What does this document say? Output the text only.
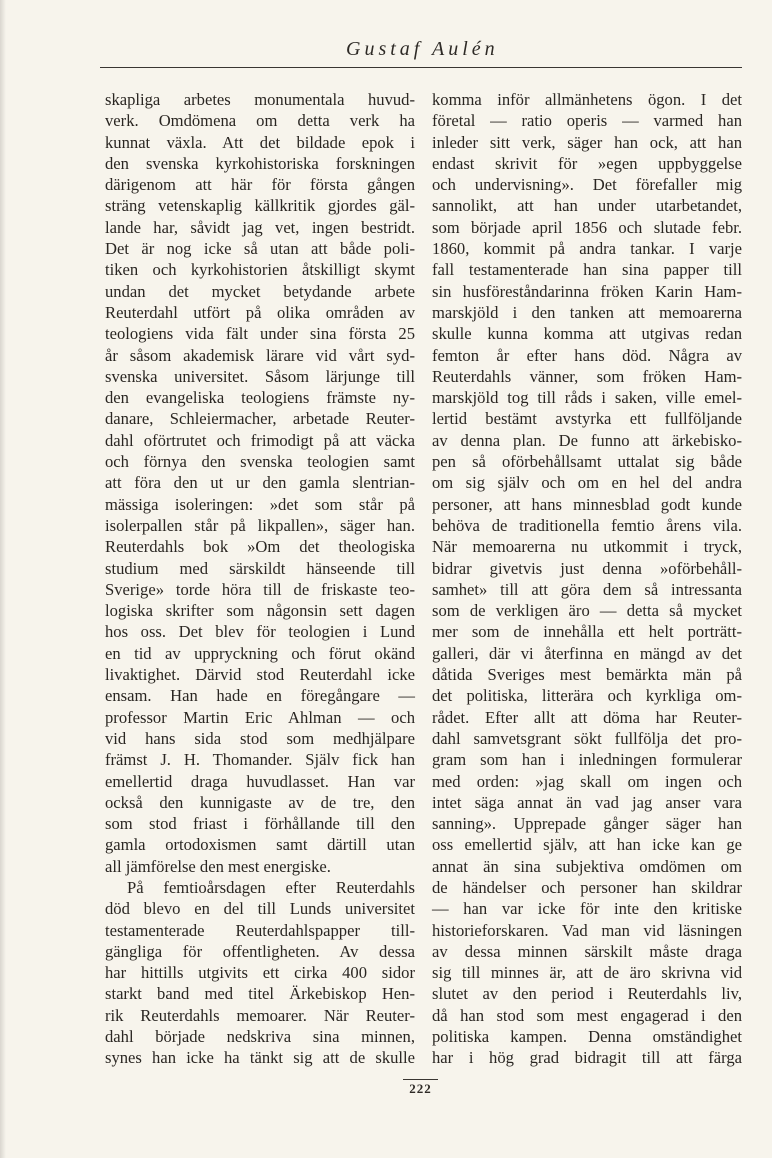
Gustaf Aulén
skapliga arbetes monumentala huvud-
verk. Omdömena om detta verk ha
kunnat växla. Att det bildade epok i
den svenska kyrkohistoriska forskningen
därigenom att här för första gången
sträng vetenskaplig källkritik gjordes gäl-
lande har, såvidt jag vet, ingen bestridt.
Det är nog icke så utan att både poli-
tiken och kyrkohistorien åtskilligt skymt
undan det mycket betydande arbete
Reuterdahl utfört på olika områden av
teologiens vida fält under sina första 25
år såsom akademisk lärare vid vårt syd-
svenska universitet. Såsom lärjunge till
den evangeliska teologiens främste ny-
danare, Schleiermacher, arbetade Reuter-
dahl oförtrutet och frimodigt på att väcka
och förnya den svenska teologien samt
att föra den ut ur den gamla slentrian-
mässiga isoleringen: »det som står på
isolerpallen står på likpallen», säger han.
Reuterdahls bok »Om det theologiska
studium med särskildt hänseende till
Sverige» torde höra till de friskaste teo-
logiska skrifter som någonsin sett dagen
hos oss. Det blev för teologien i Lund
en tid av uppryckning och förut okänd
livaktighet. Därvid stod Reuterdahl icke
ensam. Han hade en föregångare —
professor Martin Eric Ahlman — och
vid hans sida stod som medhjälpare
främst J. H. Thomander. Själv fick han
emellertid draga huvudlasset. Han var
också den kunnigaste av de tre, den
som stod friast i förhållande till den
gamla ortodoxismen samt därtill utan
all jämförelse den mest energiske.
På femtioårsdagen efter Reuterdahls
död blevo en del till Lunds universitet
testamenterade Reuterdahlspapper till-
gängliga för offentligheten. Av dessa
har hittills utgivits ett cirka 400 sidor
starkt band med titel Ärkebiskop Hen-
rik Reuterdahls memoarer. När Reuter-
dahl började nedskriva sina minnen,
synes han icke ha tänkt sig att de skulle
komma inför allmänhetens ögon. I det
företal — ratio operis — varmed han
inleder sitt verk, säger han ock, att han
endast skrivit för »egen uppbyggelse
och undervisning». Det förefaller mig
sannolikt, att han under utarbetandet,
som började april 1856 och slutade febr.
1860, kommit på andra tankar. I varje
fall testamenterade han sina papper till
sin husföreståndarinna fröken Karin Ham-
marskjöld i den tanken att memoarerna
skulle kunna komma att utgivas redan
femton år efter hans död. Några av
Reuterdahls vänner, som fröken Ham-
marskjöld tog till råds i saken, ville emel-
lertid bestämt avstyrka ett fullföljande
av denna plan. De funno att ärkebisko-
pen så oförbehållsamt uttalat sig både
om sig själv och om en hel del andra
personer, att hans minnesblad godt kunde
behöva de traditionella femtio årens vila.
När memoarerna nu utkommit i tryck,
bidrar givetvis just denna »oförbehåll-
samhet» till att göra dem så intressanta
som de verkligen äro — detta så mycket
mer som de innehålla ett helt porträtt-
galleri, där vi återfinna en mängd av det
dåtida Sveriges mest bemärkta män på
det politiska, litterära och kyrkliga om-
rådet. Efter allt att döma har Reuter-
dahl samvetsgrant sökt fullfölja det pro-
gram som han i inledningen formulerar
med orden: »jag skall om ingen och
intet säga annat än vad jag anser vara
sanning». Upprepade gånger säger han
oss emellertid själv, att han icke kan ge
annat än sina subjektiva omdömen om
de händelser och personer han skildrar
— han var icke för inte den kritiske
historieforskaren. Vad man vid läsningen
av dessa minnen särskilt måste draga
sig till minnes är, att de äro skrivna vid
slutet av den period i Reuterdahls liv,
då han stod som mest engagerad i den
politiska kampen. Denna omständighet
har i hög grad bidragit till att färga
222
